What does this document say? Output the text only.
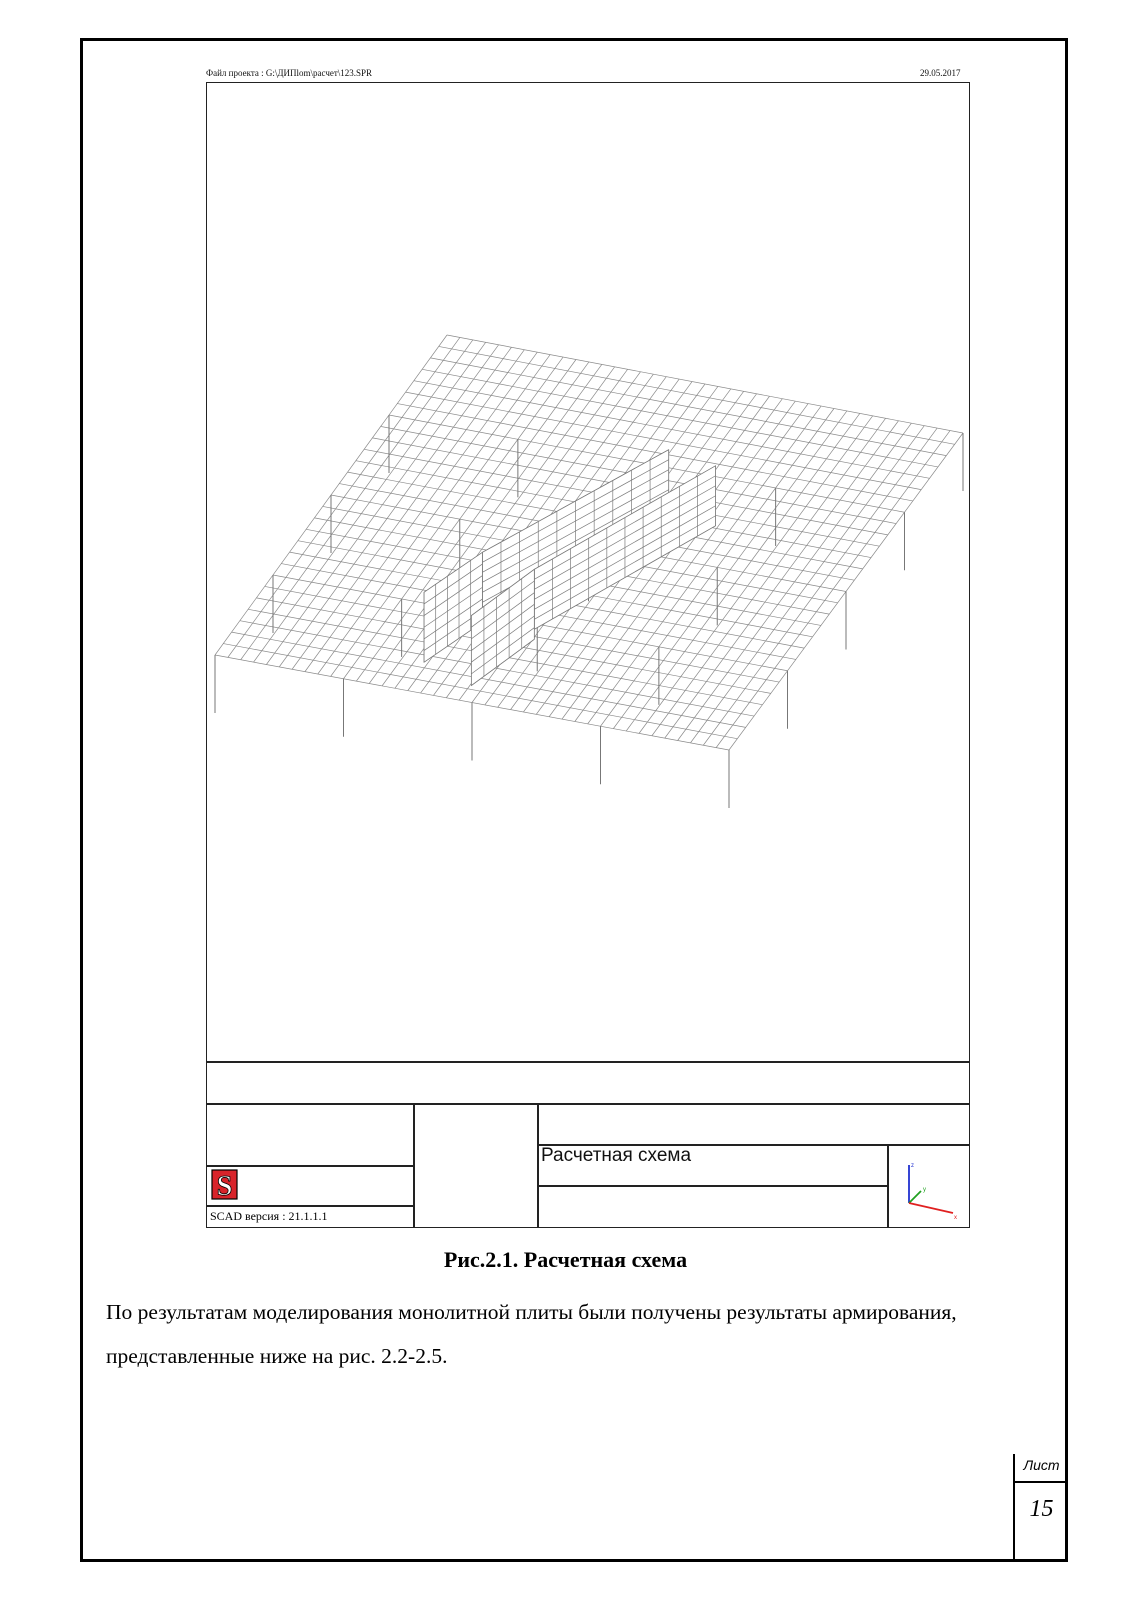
Файл проекта : G:\ДИПlom\расчет\123.SPR	29.05.2017
Расчетная схема
S
SCAD версия : 21.1.1.1
z
y
x
Рис.2.1. Расчетная схема
По результатам моделирования монолитной плиты были получены результаты армирования, представленные ниже на рис. 2.2-2.5.
Лист
15
